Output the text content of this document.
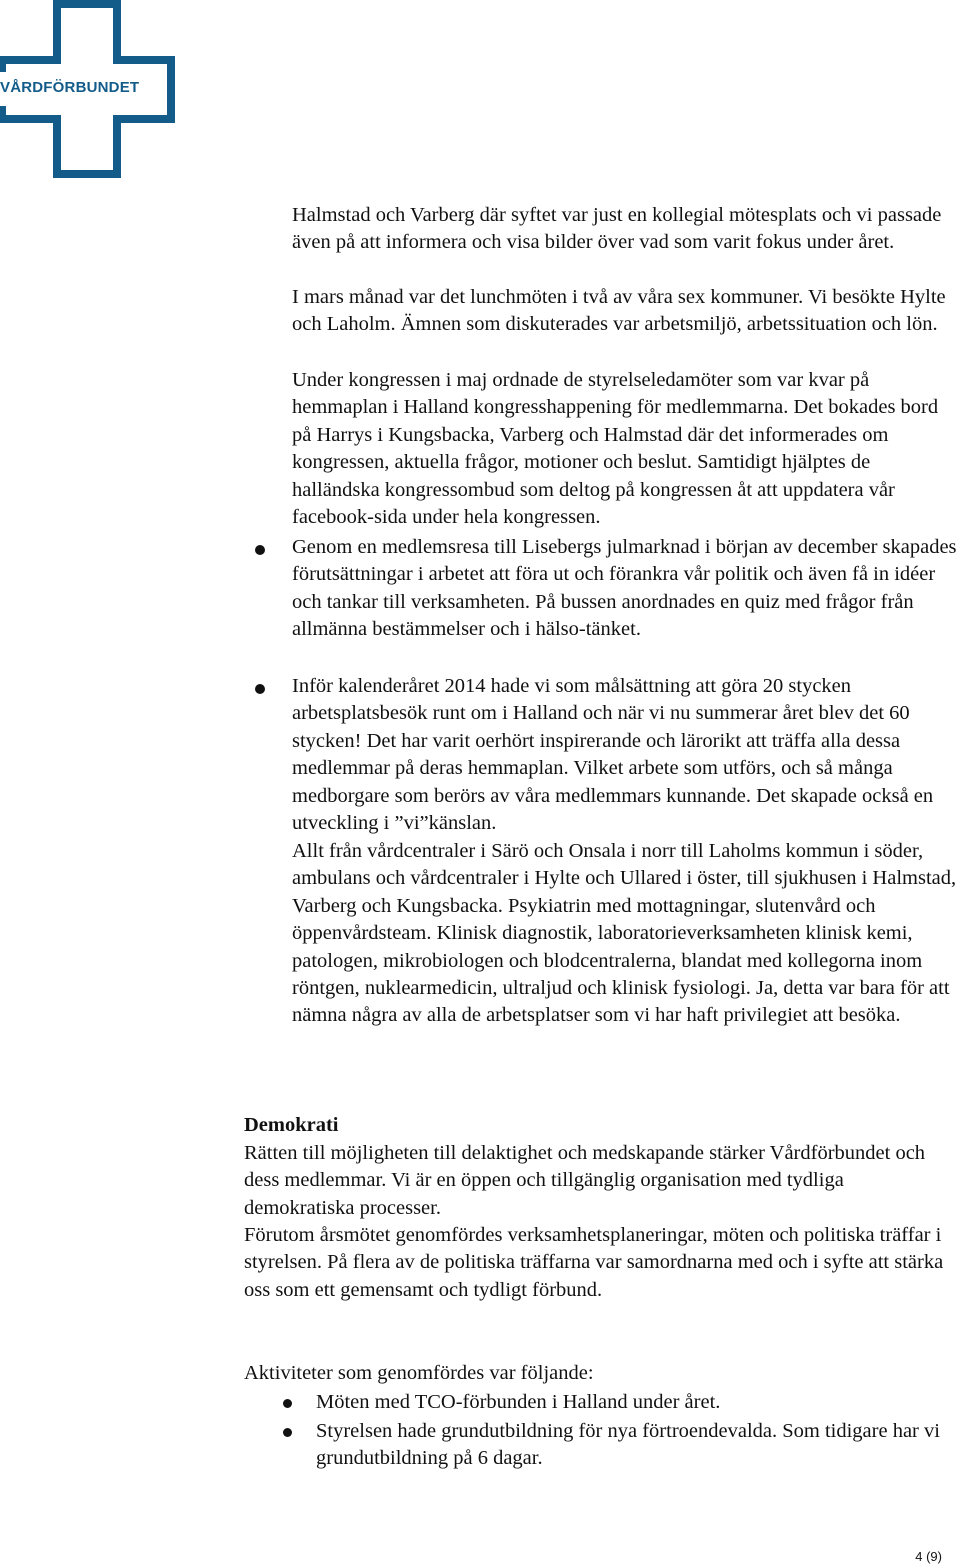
VÅRDFÖRBUNDET

Halmstad och Varberg där syftet var just en kollegial mötesplats och vi passade även på att informera och visa bilder över vad som varit fokus under året.

I mars månad var det lunchmöten i två av våra sex kommuner. Vi besökte Hylte och Laholm. Ämnen som diskuterades var arbetsmiljö, arbetssituation och lön.

Under kongressen i maj ordnade de styrelseledamöter som var kvar på hemmaplan i Halland kongresshappening för medlemmarna. Det bokades bord på Harrys i Kungsbacka, Varberg och Halmstad där det informerades om kongressen, aktuella frågor, motioner och beslut. Samtidigt hjälptes de halländska kongressombud som deltog på kongressen åt att uppdatera vår facebook-sida under hela kongressen.

Genom en medlemsresa till Lisebergs julmarknad i början av december skapades förutsättningar i arbetet att föra ut och förankra vår politik och även få in idéer och tankar till verksamheten. På bussen anordnades en quiz med frågor från allmänna bestämmelser och i hälso-tänket.

Inför kalenderåret 2014 hade vi som målsättning att göra 20 stycken arbetsplatsbesök runt om i Halland och när vi nu summerar året blev det 60 stycken! Det har varit oerhört inspirerande och lärorikt att träffa alla dessa medlemmar på deras hemmaplan. Vilket arbete som utförs, och så många medborgare som berörs av våra medlemmars kunnande. Det skapade också en utveckling i ”vi”känslan.

Allt från vårdcentraler i Särö och Onsala i norr till Laholms kommun i söder, ambulans och vårdcentraler i Hylte och Ullared i öster, till sjukhusen i Halmstad, Varberg och Kungsbacka. Psykiatrin med mottagningar, slutenvård och öppenvårdsteam. Klinisk diagnostik, laboratorieverksamheten klinisk kemi, patologen, mikrobiologen och blodcentralerna, blandat med kollegorna inom röntgen, nuklearmedicin, ultraljud och klinisk fysiologi. Ja, detta var bara för att nämna några av alla de arbetsplatser som vi har haft privilegiet att besöka.

Demokrati

Rätten till möjligheten till delaktighet och medskapande stärker Vårdförbundet och dess medlemmar. Vi är en öppen och tillgänglig organisation med tydliga demokratiska processer.

Förutom årsmötet genomfördes verksamhetsplaneringar, möten och politiska träffar i styrelsen. På flera av de politiska träffarna var samordnarna med och i syfte att stärka oss som ett gemensamt och tydligt förbund.

Aktiviteter som genomfördes var följande:

Möten med TCO-förbunden i Halland under året.

Styrelsen hade grundutbildning för nya förtroendevalda. Som tidigare har vi grundutbildning på 6 dagar.

4 (9)
